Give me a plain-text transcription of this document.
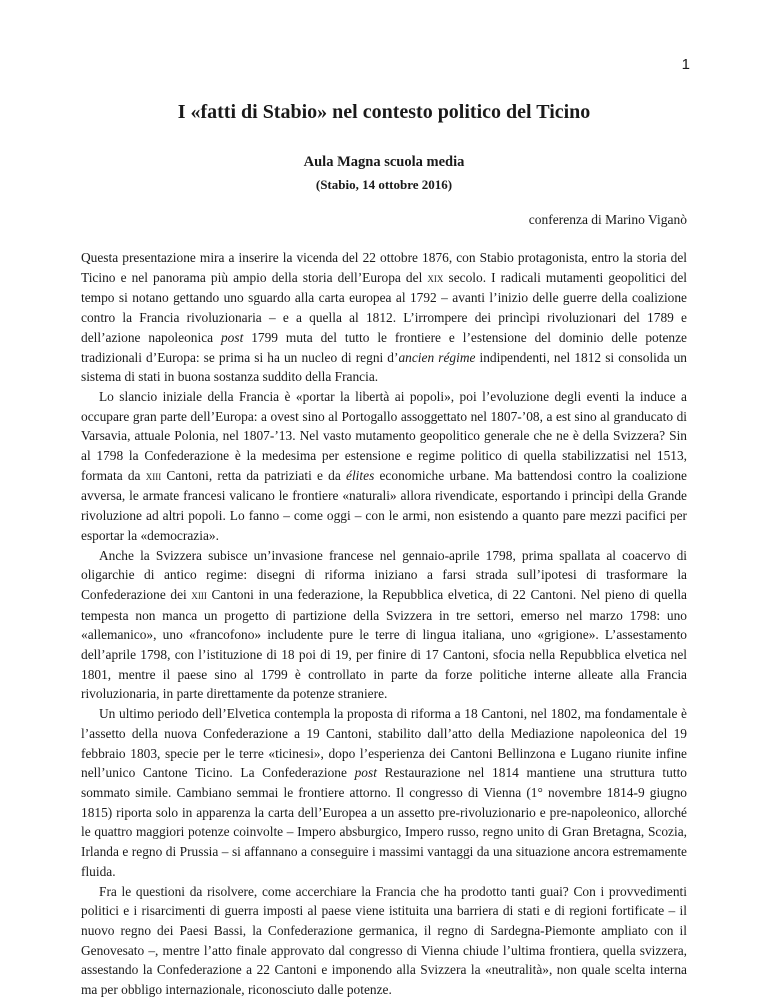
1
I «fatti di Stabio» nel contesto politico del Ticino
Aula Magna scuola media
(Stabio, 14 ottobre 2016)
conferenza di Marino Viganò

Questa presentazione mira a inserire la vicenda del 22 ottobre 1876, con Stabio protagonista, entro la storia del Ticino e nel panorama più ampio della storia dell’Europa del xix secolo. I radicali mutamenti geopolitici del tempo si notano gettando uno sguardo alla carta europea al 1792 – avanti l’inizio delle guerre della coalizione contro la Francia rivoluzionaria – e a quella al 1812. L’irrompere dei princìpi rivoluzionari del 1789 e dell’azione napoleonica post 1799 muta del tutto le frontiere e l’estensione del dominio delle potenze tradizionali d’Europa: se prima si ha un nucleo di regni d’ancien régime indipendenti, nel 1812 si consolida un sistema di stati in buona sostanza suddito della Francia.

Lo slancio iniziale della Francia è «portar la libertà ai popoli», poi l’evoluzione degli eventi la induce a occupare gran parte dell’Europa: a ovest sino al Portogallo assoggettato nel 1807-’08, a est sino al granducato di Varsavia, attuale Polonia, nel 1807-’13. Nel vasto mutamento geopolitico generale che ne è della Svizzera? Sin al 1798 la Confederazione è la medesima per estensione e regime politico di quella stabilizzatisi nel 1513, formata da xiii Cantoni, retta da patriziati e da élites economiche urbane. Ma battendosi contro la coalizione avversa, le armate francesi valicano le frontiere «naturali» allora rivendicate, esportando i princìpi della Grande rivoluzione ad altri popoli. Lo fanno – come oggi – con le armi, non esistendo a quanto pare mezzi pacifici per esportar la «democrazia».

Anche la Svizzera subisce un’invasione francese nel gennaio-aprile 1798, prima spallata al coacervo di oligarchie di antico regime: disegni di riforma iniziano a farsi strada sull’ipotesi di trasformare la Confederazione dei xiii Cantoni in una federazione, la Repubblica elvetica, di 22 Cantoni. Nel pieno di quella tempesta non manca un progetto di partizione della Svizzera in tre settori, emerso nel marzo 1798: uno «allemanico», uno «francofono» includente pure le terre di lingua italiana, uno «grigione». L’assestamento dell’aprile 1798, con l’istituzione di 18 poi di 19, per finire di 17 Cantoni, sfocia nella Repubblica elvetica nel 1801, mentre il paese sino al 1799 è controllato in parte da forze politiche interne alleate alla Francia rivoluzionaria, in parte direttamente da potenze straniere.

Un ultimo periodo dell’Elvetica contempla la proposta di riforma a 18 Cantoni, nel 1802, ma fondamentale è l’assetto della nuova Confederazione a 19 Cantoni, stabilito dall’atto della Mediazione napoleonica del 19 febbraio 1803, specie per le terre «ticinesi», dopo l’esperienza dei Cantoni Bellinzona e Lugano riunite infine nell’unico Cantone Ticino. La Confederazione post Restaurazione nel 1814 mantiene una struttura tutto sommato simile. Cambiano semmai le frontiere attorno. Il congresso di Vienna (1° novembre 1814-9 giugno 1815) riporta solo in apparenza la carta dell’Europea a un assetto pre-rivoluzionario e pre-napoleonico, allorché le quattro maggiori potenze coinvolte – Impero absburgico, Impero russo, regno unito di Gran Bretagna, Scozia, Irlanda e regno di Prussia – si affannano a conseguire i massimi vantaggi da una situazione ancora estremamente fluida.

Fra le questioni da risolvere, come accerchiare la Francia che ha prodotto tanti guai? Con i provvedimenti politici e i risarcimenti di guerra imposti al paese viene istituita una barriera di stati e di regioni fortificate – il nuovo regno dei Paesi Bassi, la Confederazione germanica, il regno di Sardegna-Piemonte ampliato con il Genovesato –, mentre l’atto finale approvato dal congresso di Vienna chiude l’ultima frontiera, quella svizzera, assestando la Confederazione a 22 Cantoni e imponendo alla Svizzera la «neutralità», non quale scelta interna ma per obbligo internazionale, riconosciuto dalle potenze.
